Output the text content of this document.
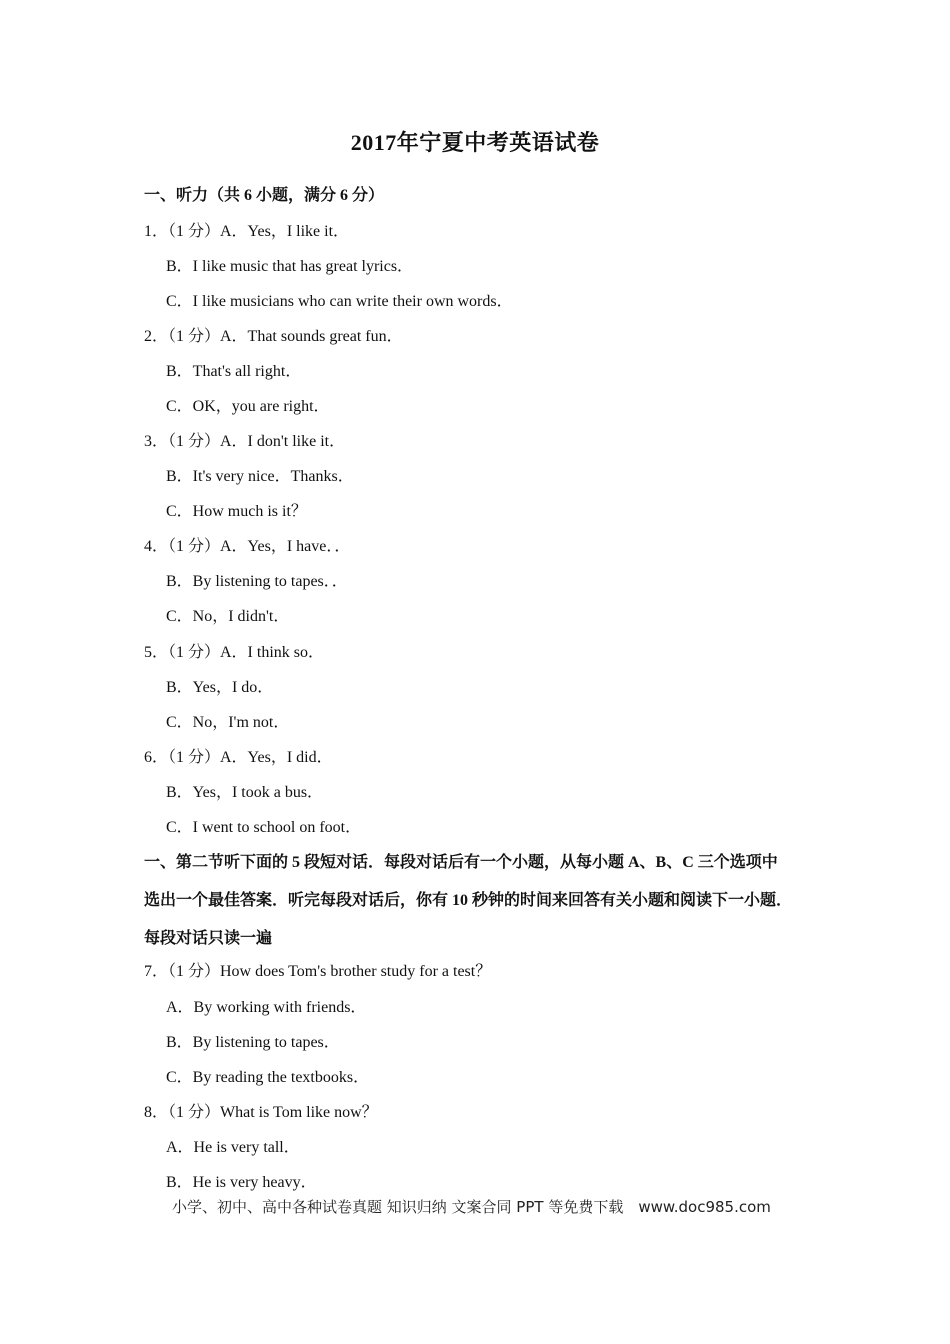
2017年宁夏中考英语试卷
一、听力（共 6 小题，满分 6 分）
1．（1 分）A．Yes，I like it．
B．I like music that has great lyrics．
C．I like musicians who can write their own words．
2．（1 分）A．That sounds great fun．
B．That's all right．
C．OK，you are right．
3．（1 分）A．I don't like it．
B．It's very nice．Thanks．
C．How much is it？
4．（1 分）A．Yes，I have．．
B．By listening to tapes．．
C．No，I didn't．
5．（1 分）A．I think so．
B．Yes，I do．
C．No，I'm not．
6．（1 分）A．Yes，I did．
B．Yes，I took a bus．
C．I went to school on foot．
一、第二节听下面的 5 段短对话．每段对话后有一个小题，从每小题 A、B、C 三个选项中
选出一个最佳答案．听完每段对话后，你有 10 秒钟的时间来回答有关小题和阅读下一小题．
每段对话只读一遍
7．（1 分）How does Tom's brother study for a test？
A．By working with friends．
B．By listening to tapes．
C．By reading the textbooks．
8．（1 分）What is Tom like now？
A．He is very tall．
B．He is very heavy．
小学、初中、高中各种试卷真题 知识归纳 文案合同 PPT 等免费下载　www.doc985.com
